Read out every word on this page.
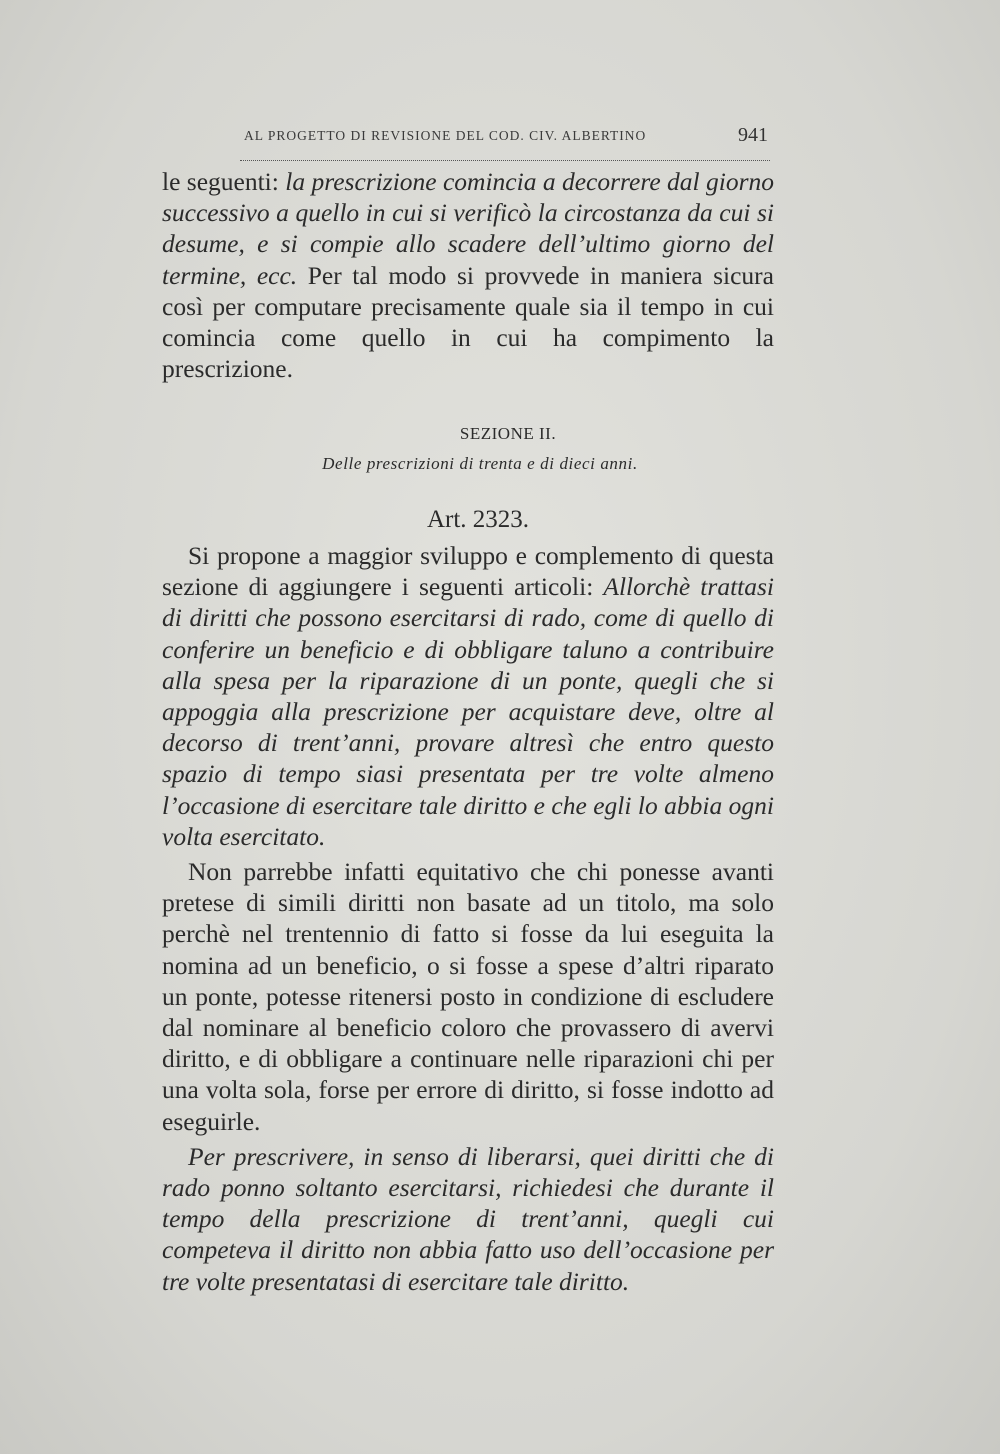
AL PROGETTO DI REVISIONE DEL COD. CIV. ALBERTINO	941

le seguenti: la prescrizione comincia a decorrere dal giorno successivo a quello in cui si verificò la circostanza da cui si desume, e si compie allo scadere dell’ultimo giorno del termine, ecc. Per tal modo si provvede in maniera sicura così per computare precisamente quale sia il tempo in cui comincia come quello in cui ha compimento la prescrizione.

SEZIONE II.
Delle prescrizioni di trenta e di dieci anni.
Art. 2323.

Si propone a maggior sviluppo e complemento di questa sezione di aggiungere i seguenti articoli: Allorchè trattasi di diritti che possono esercitarsi di rado, come di quello di conferire un beneficio e di obbligare taluno a contribuire alla spesa per la riparazione di un ponte, quegli che si appoggia alla prescrizione per acquistare deve, oltre al decorso di trent’anni, provare altresì che entro questo spazio di tempo siasi presentata per tre volte almeno l’occasione di esercitare tale diritto e che egli lo abbia ogni volta esercitato.

Non parrebbe infatti equitativo che chi ponesse avanti pretese di simili diritti non basate ad un titolo, ma solo perchè nel trentennio di fatto si fosse da lui eseguita la nomina ad un beneficio, o si fosse a spese d’altri riparato un ponte, potesse ritenersi posto in condizione di escludere dal nominare al beneficio coloro che provassero di avervi diritto, e di obbligare a continuare nelle riparazioni chi per una volta sola, forse per errore di diritto, si fosse indotto ad eseguirle.

Per prescrivere, in senso di liberarsi, quei diritti che di rado ponno soltanto esercitarsi, richiedesi che durante il tempo della prescrizione di trent’anni, quegli cui competeva il diritto non abbia fatto uso dell’occasione per tre volte presentatasi di esercitare tale diritto.
